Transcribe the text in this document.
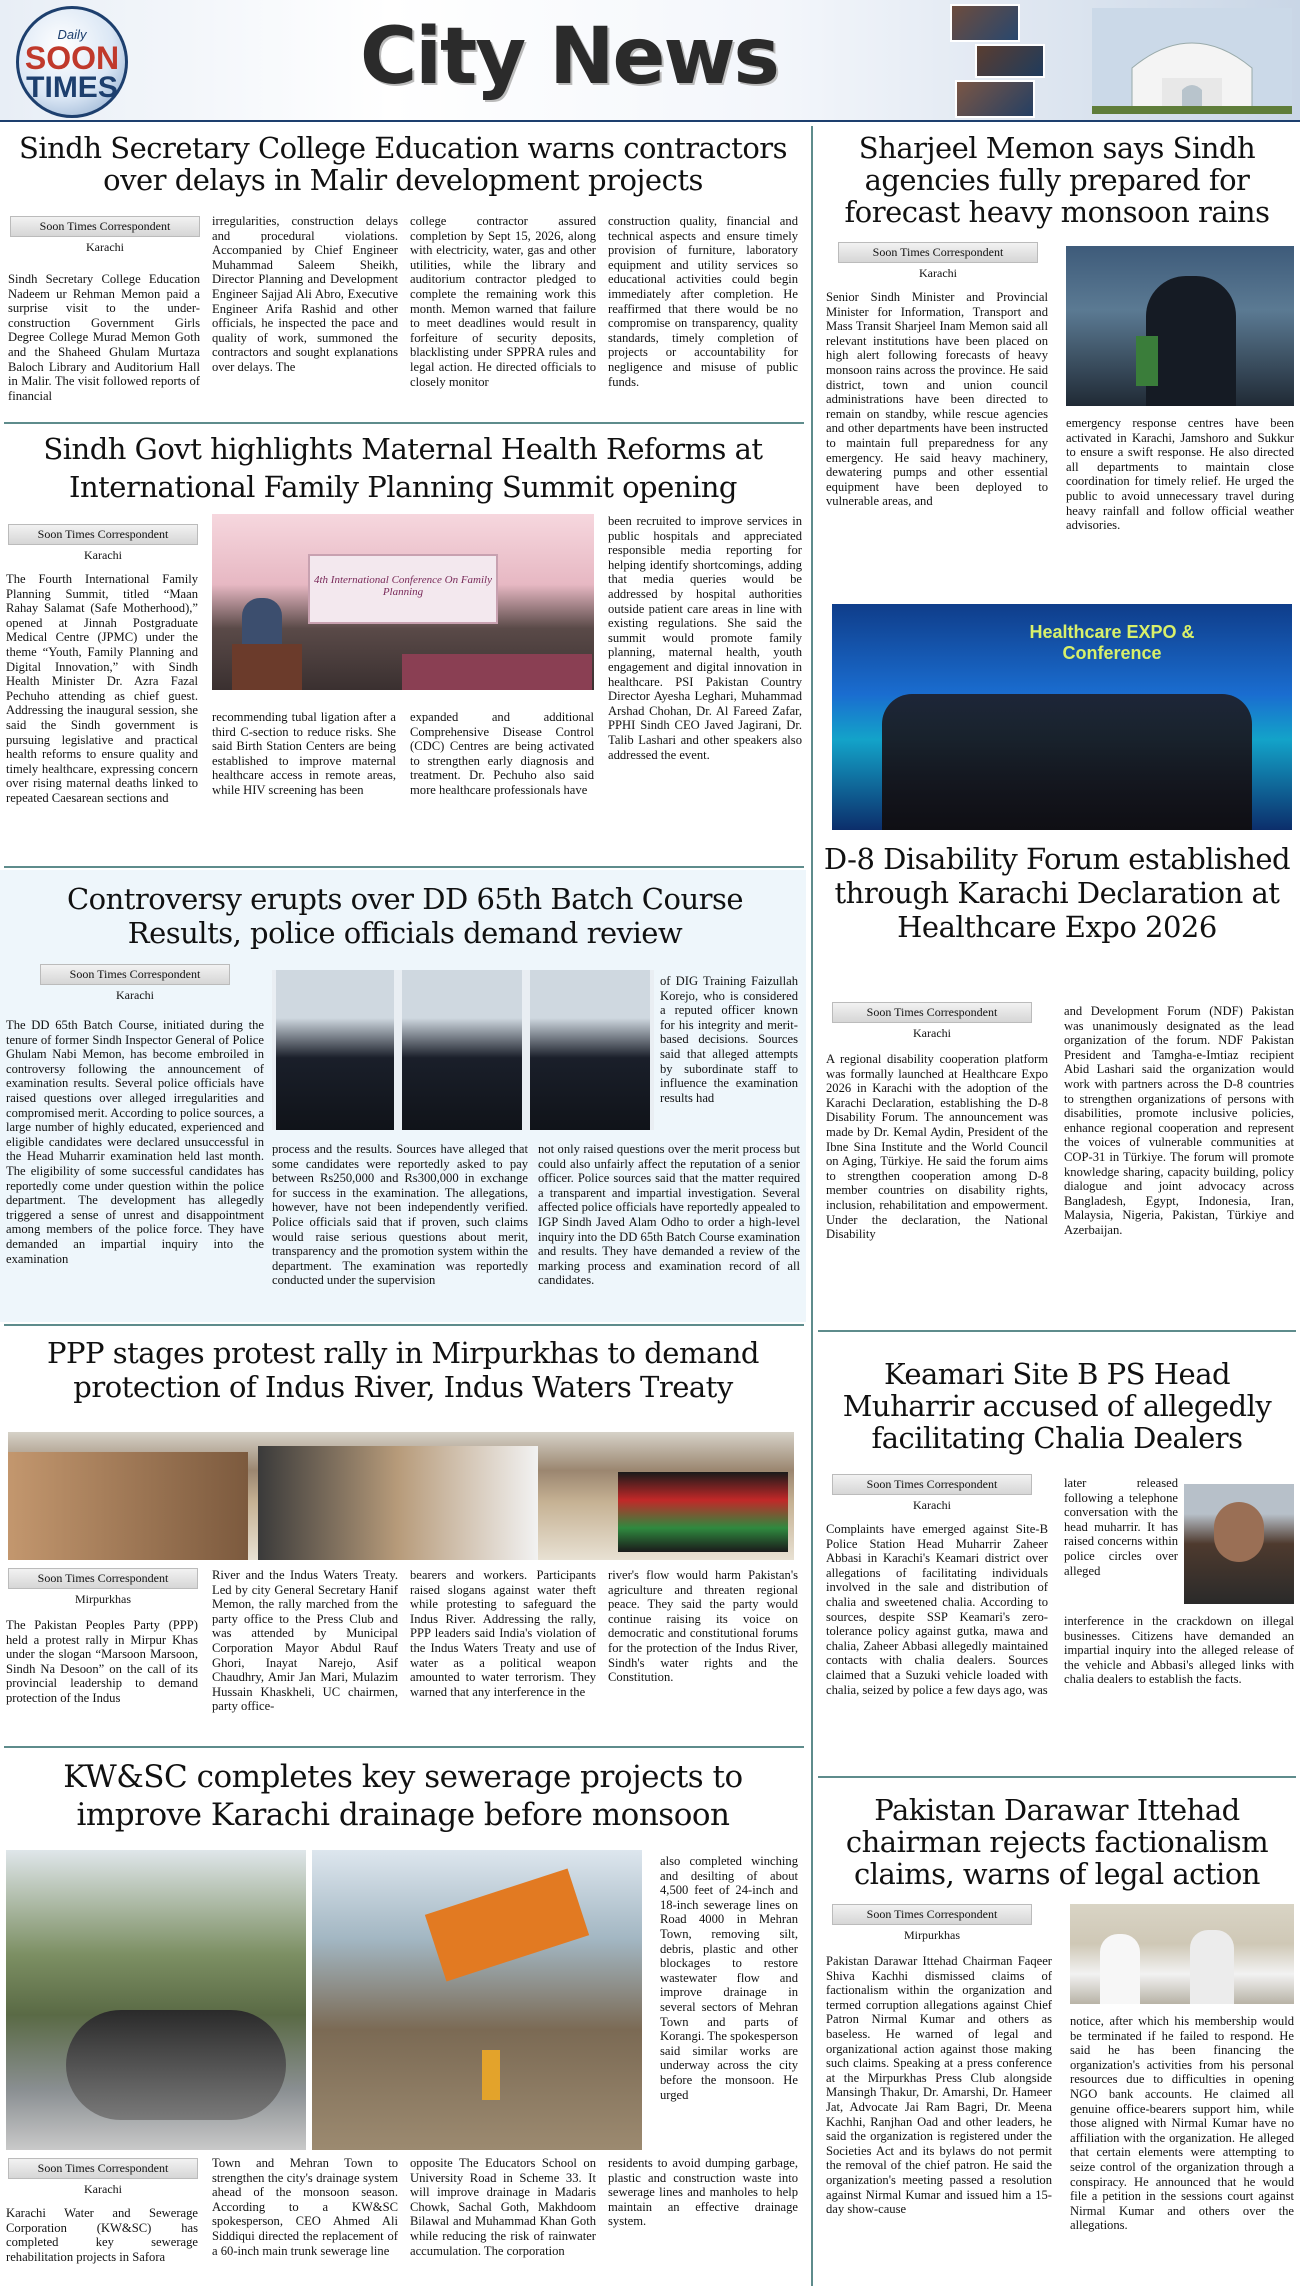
Daily
SOON
TIMES	City News
Sindh Secretary College Education warns contractors over delays in Malir development projects
Soon Times Correspondent
Karachi
Sindh Secretary College Education Nadeem ur Rehman Memon paid a surprise visit to the under-construction Government Girls Degree College Murad Memon Goth and the Shaheed Ghulam Murtaza Baloch Library and Auditorium Hall in Malir. The visit followed reports of financial
irregularities, construction delays and procedural violations. Accompanied by Chief Engineer Muhammad Saleem Sheikh, Director Planning and Development Engineer Sajjad Ali Abro, Executive Engineer Arifa Rashid and other officials, he inspected the pace and quality of work, summoned the contractors and sought explanations over delays. The
college contractor assured completion by Sept 15, 2026, along with electricity, water, gas and other utilities, while the library and auditorium contractor pledged to complete the remaining work this month. Memon warned that failure to meet deadlines would result in forfeiture of security deposits, blacklisting under SPPRA rules and legal action. He directed officials to closely monitor
construction quality, financial and technical aspects and ensure timely provision of furniture, laboratory equipment and utility services so educational activities could begin immediately after completion. He reaffirmed that there would be no compromise on transparency, quality standards, timely completion of projects or accountability for negligence and misuse of public funds.
Sindh Govt highlights Maternal Health Reforms at International Family Planning Summit opening
Soon Times Correspondent
Karachi
The Fourth International Family Planning Summit, titled “Maan Rahay Salamat (Safe Motherhood),” opened at Jinnah Postgraduate Medical Centre (JPMC) under the theme “Youth, Family Planning and Digital Innovation,” with Sindh Health Minister Dr. Azra Fazal Pechuho attending as chief guest. Addressing the inaugural session, she said the Sindh government is pursuing legislative and practical health reforms to ensure quality and timely healthcare, expressing concern over rising maternal deaths linked to repeated Caesarean sections and
4th International Conference On Family Planning
recommending tubal ligation after a third C-section to reduce risks. She said Birth Station Centers are being established to improve maternal healthcare access in remote areas, while HIV screening has been
expanded and additional Comprehensive Disease Control (CDC) Centres are being activated to strengthen early diagnosis and treatment. Dr. Pechuho also said more healthcare professionals have
been recruited to improve services in public hospitals and appreciated responsible media reporting for helping identify shortcomings, adding that media queries would be addressed by hospital authorities outside patient care areas in line with existing regulations. She said the summit would promote family planning, maternal health, youth engagement and digital innovation in healthcare. PSI Pakistan Country Director Ayesha Leghari, Muhammad Arshad Chohan, Dr. Al Fareed Zafar, PPHI Sindh CEO Javed Jagirani, Dr. Talib Lashari and other speakers also addressed the event.
Controversy erupts over DD 65th Batch Course Results, police officials demand review
Soon Times Correspondent
Karachi
The DD 65th Batch Course, initiated during the tenure of former Sindh Inspector General of Police Ghulam Nabi Memon, has become embroiled in controversy following the announcement of examination results. Several police officials have raised questions over alleged irregularities and compromised merit. According to police sources, a large number of highly educated, experienced and eligible candidates were declared unsuccessful in the Head Muharrir examination held last month. The eligibility of some successful candidates has reportedly come under question within the police department. The development has allegedly triggered a sense of unrest and disappointment among members of the police force. They have demanded an impartial inquiry into the examination
process and the results. Sources have alleged that some candidates were reportedly asked to pay between Rs250,000 and Rs300,000 in exchange for success in the examination. The allegations, however, have not been independently verified. Police officials said that if proven, such claims would raise serious questions about merit, transparency and the promotion system within the department. The examination was reportedly conducted under the supervision
of DIG Training Faizullah Korejo, who is considered a reputed officer known for his integrity and merit-based decisions. Sources said that alleged attempts by subordinate staff to influence the examination results had
not only raised questions over the merit process but could also unfairly affect the reputation of a senior officer. Police sources said that the matter required a transparent and impartial investigation. Several affected police officials have reportedly appealed to IGP Sindh Javed Alam Odho to order a high-level inquiry into the DD 65th Batch Course examination and results. They have demanded a review of the marking process and examination record of all candidates.
PPP stages protest rally in Mirpurkhas to demand protection of Indus River, Indus Waters Treaty
Soon Times Correspondent
Mirpurkhas
The Pakistan Peoples Party (PPP) held a protest rally in Mirpur Khas under the slogan “Marsoon Marsoon, Sindh Na Desoon” on the call of its provincial leadership to demand protection of the Indus
River and the Indus Waters Treaty. Led by city General Secretary Hanif Memon, the rally marched from the party office to the Press Club and was attended by Municipal Corporation Mayor Abdul Rauf Ghori, Inayat Narejo, Asif Chaudhry, Amir Jan Mari, Mulazim Hussain Khaskheli, UC chairmen, party office-
bearers and workers. Participants raised slogans against water theft while protesting to safeguard the Indus River. Addressing the rally, PPP leaders said India's violation of the Indus Waters Treaty and use of water as a political weapon amounted to water terrorism. They warned that any interference in the
river's flow would harm Pakistan's agriculture and threaten regional peace. They said the party would continue raising its voice on democratic and constitutional forums for the protection of the Indus River, Sindh's water rights and the Constitution.
KW&SC completes key sewerage projects to improve Karachi drainage before monsoon
also completed winching and desilting of about 4,500 feet of 24-inch and 18-inch sewerage lines on Road 4000 in Mehran Town, removing silt, debris, plastic and other blockages to restore wastewater flow and improve drainage in several sectors of Mehran Town and parts of Korangi. The spokesperson said similar works are underway across the city before the monsoon. He urged
Soon Times Correspondent
Karachi
Karachi Water and Sewerage Corporation (KW&SC) has completed key sewerage rehabilitation projects in Safora
Town and Mehran Town to strengthen the city's drainage system ahead of the monsoon season. According to a KW&SC spokesperson, CEO Ahmed Ali Siddiqui directed the replacement of a 60-inch main trunk sewerage line
opposite The Educators School on University Road in Scheme 33. It will improve drainage in Madaris Chowk, Sachal Goth, Makhdoom Bilawal and Muhammad Khan Goth while reducing the risk of rainwater accumulation. The corporation
residents to avoid dumping garbage, plastic and construction waste into sewerage lines and manholes to help maintain an effective drainage system.
Sharjeel Memon says Sindh agencies fully prepared for forecast heavy monsoon rains
Soon Times Correspondent
Karachi
Senior Sindh Minister and Provincial Minister for Information, Transport and Mass Transit Sharjeel Inam Memon said all relevant institutions have been placed on high alert following forecasts of heavy monsoon rains across the province. He said district, town and union council administrations have been directed to remain on standby, while rescue agencies and other departments have been instructed to maintain full preparedness for any emergency. He said heavy machinery, dewatering pumps and other essential equipment have been deployed to vulnerable areas, and
emergency response centres have been activated in Karachi, Jamshoro and Sukkur to ensure a swift response. He also directed all departments to maintain close coordination for timely relief. He urged the public to avoid unnecessary travel during heavy rainfall and follow official weather advisories.
Healthcare EXPO & Conference
D-8 Disability Forum established through Karachi Declaration at Healthcare Expo 2026
Soon Times Correspondent
Karachi
A regional disability cooperation platform was formally launched at Healthcare Expo 2026 in Karachi with the adoption of the Karachi Declaration, establishing the D-8 Disability Forum. The announcement was made by Dr. Kemal Aydin, President of the Ibne Sina Institute and the World Council on Aging, Türkiye. He said the forum aims to strengthen cooperation among D-8 member countries on disability rights, inclusion, rehabilitation and empowerment. Under the declaration, the National Disability
and Development Forum (NDF) Pakistan was unanimously designated as the lead organization of the forum. NDF Pakistan President and Tamgha-e-Imtiaz recipient Abid Lashari said the organization would work with partners across the D-8 countries to strengthen organizations of persons with disabilities, promote inclusive policies, enhance regional cooperation and represent the voices of vulnerable communities at COP-31 in Türkiye. The forum will promote knowledge sharing, capacity building, policy dialogue and joint advocacy across Bangladesh, Egypt, Indonesia, Iran, Malaysia, Nigeria, Pakistan, Türkiye and Azerbaijan.
Keamari Site B PS Head Muharrir accused of allegedly facilitating Chalia Dealers
Soon Times Correspondent
Karachi
Complaints have emerged against Site-B Police Station Head Muharrir Zaheer Abbasi in Karachi's Keamari district over allegations of facilitating individuals involved in the sale and distribution of chalia and sweetened chalia. According to sources, despite SSP Keamari's zero-tolerance policy against gutka, mawa and chalia, Zaheer Abbasi allegedly maintained contacts with chalia dealers. Sources claimed that a Suzuki vehicle loaded with chalia, seized by police a few days ago, was
later released following a telephone conversation with the head muharrir. It has raised concerns within police circles over alleged
interference in the crackdown on illegal businesses. Citizens have demanded an impartial inquiry into the alleged release of the vehicle and Abbasi's alleged links with chalia dealers to establish the facts.
Pakistan Darawar Ittehad chairman rejects factionalism claims, warns of legal action
Soon Times Correspondent
Mirpurkhas
Pakistan Darawar Ittehad Chairman Faqeer Shiva Kachhi dismissed claims of factionalism within the organization and termed corruption allegations against Chief Patron Nirmal Kumar and others as baseless. He warned of legal and organizational action against those making such claims. Speaking at a press conference at the Mirpurkhas Press Club alongside Mansingh Thakur, Dr. Amarshi, Dr. Hameer Jat, Advocate Jai Ram Bagri, Dr. Meena Kachhi, Ranjhan Oad and other leaders, he said the organization is registered under the Societies Act and its bylaws do not permit the removal of the chief patron. He said the organization's meeting passed a resolution against Nirmal Kumar and issued him a 15-day show-cause
notice, after which his membership would be terminated if he failed to respond. He said he has been financing the organization's activities from his personal resources due to difficulties in opening NGO bank accounts. He claimed all genuine office-bearers support him, while those aligned with Nirmal Kumar have no affiliation with the organization. He alleged that certain elements were attempting to seize control of the organization through a conspiracy. He announced that he would file a petition in the sessions court against Nirmal Kumar and others over the allegations.
